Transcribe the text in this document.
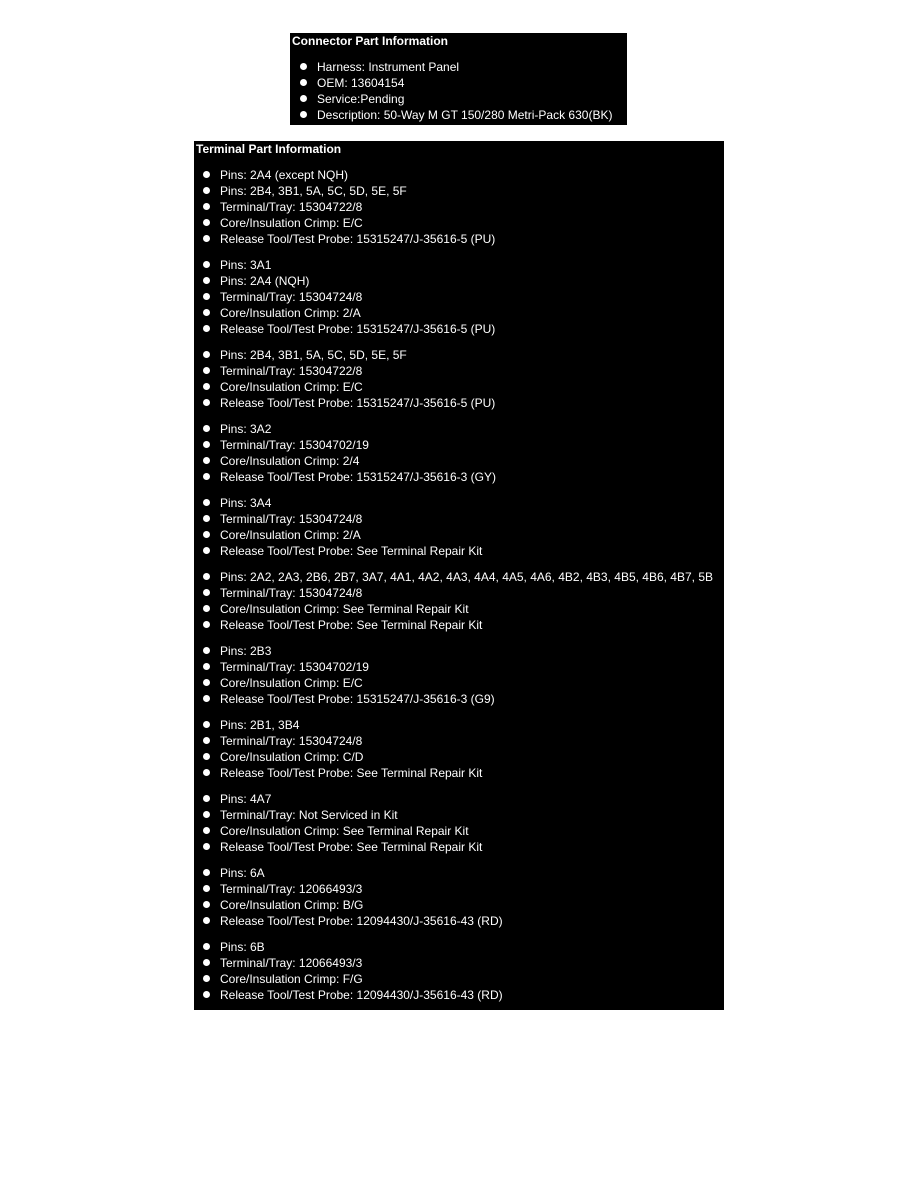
Connector Part Information
Harness: Instrument Panel
OEM: 13604154
Service:Pending
Description: 50-Way M GT 150/280 Metri-Pack 630(BK)
Terminal Part Information
Pins: 2A4 (except NQH)
Pins: 2B4, 3B1, 5A, 5C, 5D, 5E, 5F
Terminal/Tray: 15304722/8
Core/Insulation Crimp: E/C
Release Tool/Test Probe: 15315247/J-35616-5 (PU)
Pins: 3A1
Pins: 2A4 (NQH)
Terminal/Tray: 15304724/8
Core/Insulation Crimp: 2/A
Release Tool/Test Probe: 15315247/J-35616-5 (PU)
Pins: 2B4, 3B1, 5A, 5C, 5D, 5E, 5F
Terminal/Tray: 15304722/8
Core/Insulation Crimp: E/C
Release Tool/Test Probe: 15315247/J-35616-5 (PU)
Pins: 3A2
Terminal/Tray: 15304702/19
Core/Insulation Crimp: 2/4
Release Tool/Test Probe: 15315247/J-35616-3 (GY)
Pins: 3A4
Terminal/Tray: 15304724/8
Core/Insulation Crimp: 2/A
Release Tool/Test Probe: See Terminal Repair Kit
Pins: 2A2, 2A3, 2B6, 2B7, 3A7, 4A1, 4A2, 4A3, 4A4, 4A5, 4A6, 4B2, 4B3, 4B5, 4B6, 4B7, 5B
Terminal/Tray: 15304724/8
Core/Insulation Crimp: See Terminal Repair Kit
Release Tool/Test Probe: See Terminal Repair Kit
Pins: 2B3
Terminal/Tray: 15304702/19
Core/Insulation Crimp: E/C
Release Tool/Test Probe: 15315247/J-35616-3 (G9)
Pins: 2B1, 3B4
Terminal/Tray: 15304724/8
Core/Insulation Crimp: C/D
Release Tool/Test Probe: See Terminal Repair Kit
Pins: 4A7
Terminal/Tray: Not Serviced in Kit
Core/Insulation Crimp: See Terminal Repair Kit
Release Tool/Test Probe: See Terminal Repair Kit
Pins: 6A
Terminal/Tray: 12066493/3
Core/Insulation Crimp: B/G
Release Tool/Test Probe: 12094430/J-35616-43 (RD)
Pins: 6B
Terminal/Tray: 12066493/3
Core/Insulation Crimp: F/G
Release Tool/Test Probe: 12094430/J-35616-43 (RD)
